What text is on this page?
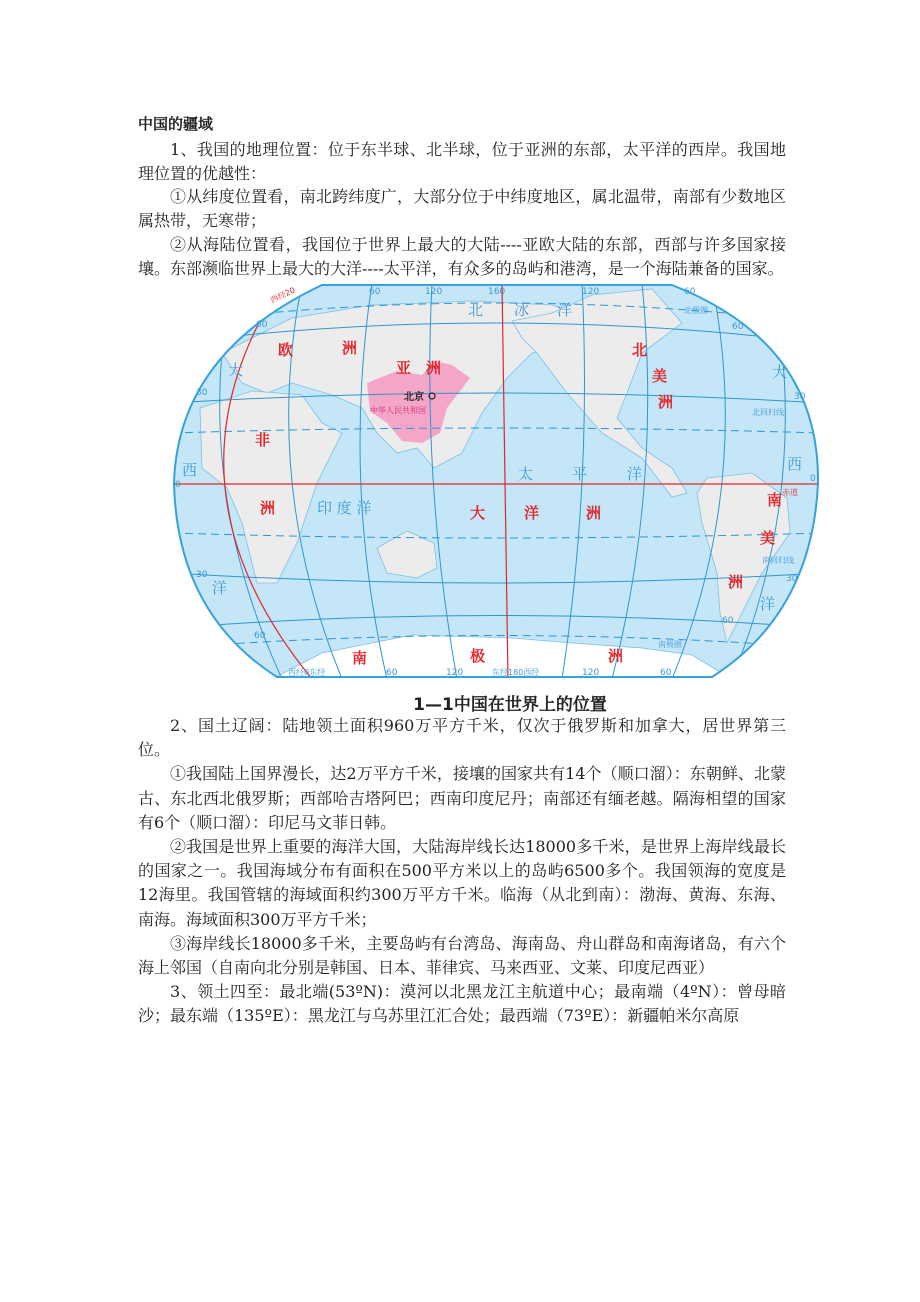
中国的疆域

1、我国的地理位置：位于东半球、北半球，位于亚洲的东部，太平洋的西岸。我国地理位置的优越性：

①从纬度位置看，南北跨纬度广，大部分位于中纬度地区，属北温带，南部有少数地区属热带，无寒带；

②从海陆位置看，我国位于世界上最大的大陆----亚欧大陆的东部，西部与许多国家接壤。东部濒临世界上最大的大洋----太平洋，有众多的岛屿和港湾，是一个海陆兼备的国家。

北京
中华人民共和国
欧	洲
亚 洲
非
洲	大	洋	洲
北
美
洲
南
美
洲
南	极	洲
北 冰 洋
太	平	洋
印 度 洋
大
西
洋
大
西
洋
赤道
北回归线
南回归线
北极圈
南极圈
西经20
西经0东经	东经180西经
60	120	160	120	60
60
30
0
60
30
0
30
60
30
60
60	120	120	60
1—1中国在世界上的位置

2、国土辽阔：陆地领土面积960万平方千米，仅次于俄罗斯和加拿大，居世界第三位。

①我国陆上国界漫长，达2万平方千米，接壤的国家共有14个（顺口溜）：东朝鲜、北蒙古、东北西北俄罗斯；西部哈吉塔阿巴；西南印度尼丹；南部还有缅老越。隔海相望的国家有6个（顺口溜）：印尼马文菲日韩。

②我国是世界上重要的海洋大国，大陆海岸线长达18000多千米，是世界上海岸线最长的国家之一。我国海域分布有面积在500平方米以上的岛屿6500多个。我国领海的宽度是12海里。我国管辖的海域面积约300万平方千米。临海（从北到南）：渤海、黄海、东海、南海。海域面积300万平方千米；

③海岸线长18000多千米，主要岛屿有台湾岛、海南岛、舟山群岛和南海诸岛，有六个海上邻国（自南向北分别是韩国、日本、菲律宾、马来西亚、文莱、印度尼西亚）

3、领土四至：最北端(53ºN)：漠河以北黑龙江主航道中心；最南端（4ºN）：曾母暗沙；最东端（135ºE）：黑龙江与乌苏里江汇合处；最西端（73ºE）：新疆帕米尔高原
